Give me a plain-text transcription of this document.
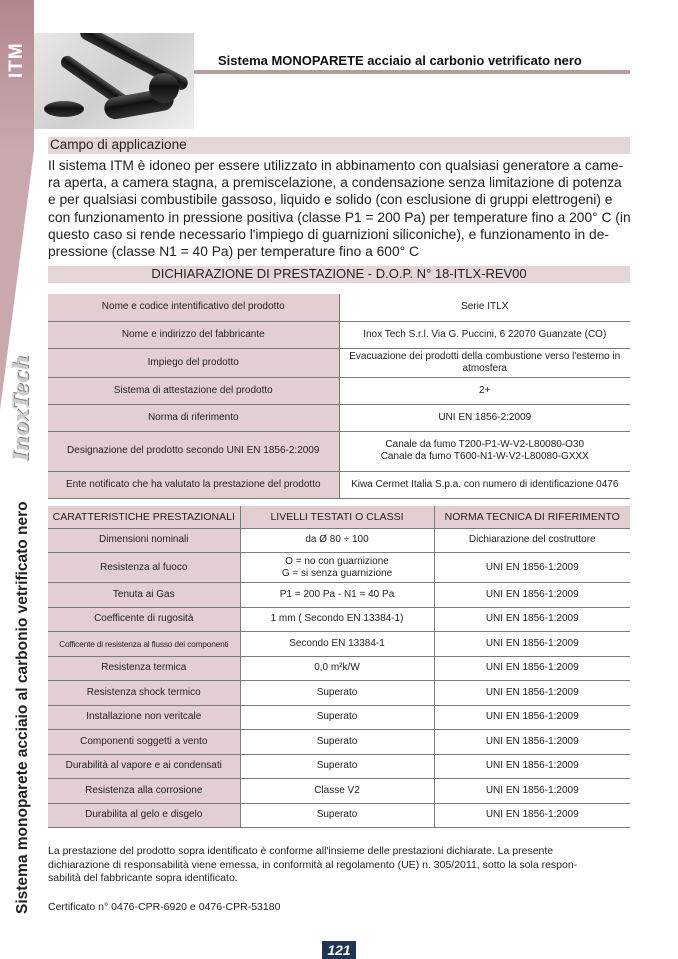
ITM	Sistema MONOPARETE acciaio al carbonio vetrificato nero
InoxTech
Sistema monoparete acciaio al carbonio vetrificato nero
Campo di applicazione
Il sistema ITM è idoneo per essere utilizzato in abbinamento con qualsiasi generatore a came-
ra aperta, a camera stagna, a premiscelazione, a condensazione senza limitazione di potenza
e per qualsiasi combustibile gassoso, liquido e solido (con esclusione di gruppi elettrogeni) e
con funzionamento in pressione positiva (classe P1 = 200 Pa) per temperature fino a 200° C (in
questo caso si rende necessario l'impiego di guarnizioni siliconiche), e funzionamento in de-
pressione (classe N1 = 40 Pa) per temperature fino a 600° C
DICHIARAZIONE DI PRESTAZIONE - D.O.P. N° 18-ITLX-REV00
Nome e codice intentificativo del prodotto	Serie ITLX
Nome e indirizzo del fabbricante	Inox Tech S.r.l. Via G. Puccini, 6 22070 Guanzate (CO)
Impiego del prodotto	Evacuazione dei prodotti della combustione verso l'esterno in
atmosfera

Sistema di attestazione del prodotto	2+
Norma di riferimento	UNI EN 1856-2:2009
Designazione del prodotto secondo UNI EN 1856-2:2009	Canale da fumo T200-P1-W-V2-L80080-O30
Canale da fumo T600-N1-W-V2-L80080-GXXX

Ente notificato che ha valutato la prestazione del prodotto	Kiwa Cermet Italia S.p.a. con numero di identificazione 0476
CARATTERISTICHE PRESTAZIONALI	LIVELLI TESTATI O CLASSI	NORMA TECNICA DI RIFERIMENTO
Dimensioni nominali	da Ø 80 ÷ 100	Dichiarazione del costruttore
Resistenza al fuoco	O = no con guarnizione
G = si senza guarnizione	UNI EN 1856-1:2009
Tenuta ai Gas	P1 = 200 Pa - N1 = 40 Pa	UNI EN 1856-1:2009
Coefficente di rugosità	1 mm ( Secondo EN 13384-1)	UNI EN 1856-1:2009
Cofficente di resistenza al flusso dei componenti	Secondo EN 13384-1	UNI EN 1856-1:2009
Resistenza termica	0,0 m²k/W	UNI EN 1856-1:2009
Resistenza shock termico	Superato	UNI EN 1856-1:2009
Installazione non veritcale	Superato	UNI EN 1856-1:2009
Componenti soggetti a vento	Superato	UNI EN 1856-1:2009
Durabilità al vapore e ai condensati	Superato	UNI EN 1856-1:2009
Resistenza alla corrosione	Classe V2	UNI EN 1856-1:2009
Durabilita al gelo e disgelo	Superato	UNI EN 1856-1:2009
La prestazione del prodotto sopra identificato è conforme all'insieme delle prestazioni dichiarate. La presente
dichiarazione di responsabilità viene emessa, in conformità al regolamento (UE) n. 305/2011, sotto la sola respon-
sabilità del fabbricante sopra identificato.
Certificato n° 0476-CPR-6920 e 0476-CPR-53180
121
